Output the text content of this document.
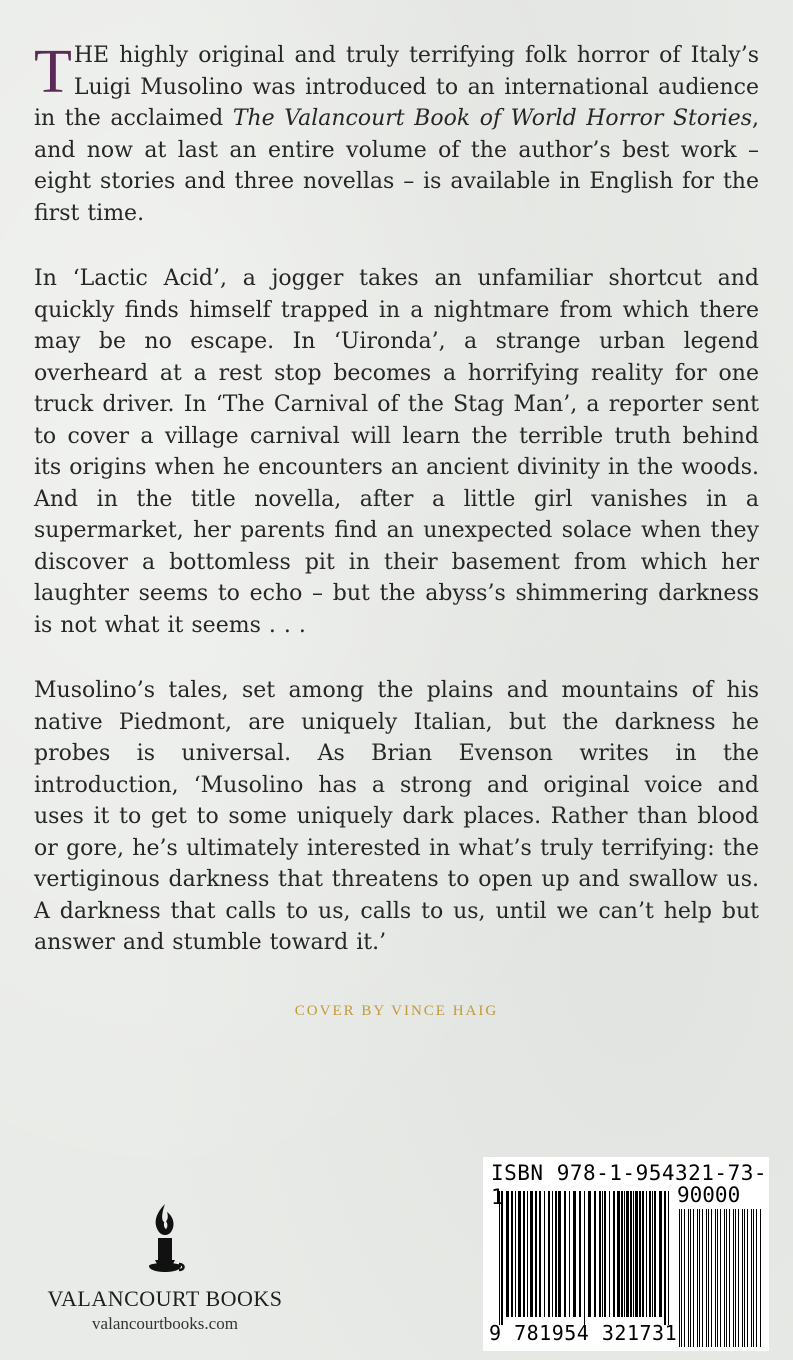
THE highly original and truly terrifying folk horror of Italy’s Luigi Musolino was introduced to an international audience in the acclaimed The Valancourt Book of World Horror Stories, and now at last an entire volume of the author’s best work – eight stories and three novellas – is available in English for the first time.

In ‘Lactic Acid’, a jogger takes an unfamiliar shortcut and quickly finds himself trapped in a nightmare from which there may be no escape. In ‘Uironda’, a strange urban legend overheard at a rest stop becomes a horrifying reality for one truck driver. In ‘The Carnival of the Stag Man’, a reporter sent to cover a village carnival will learn the terrible truth behind its origins when he encounters an ancient divinity in the woods. And in the title novella, after a little girl vanishes in a supermarket, her parents find an unexpected solace when they discover a bottomless pit in their basement from which her laughter seems to echo – but the abyss’s shimmering darkness is not what it seems . . .

Musolino’s tales, set among the plains and mountains of his native Piedmont, are uniquely Italian, but the darkness he probes is universal. As Brian Evenson writes in the introduction, ‘Musolino has a strong and original voice and uses it to get to some uniquely dark places. Rather than blood or gore, he’s ultimately interested in what’s truly terrifying: the vertiginous darkness that threatens to open up and swallow us. A darkness that calls to us, calls to us, until we can’t help but answer and stumble toward it.’

COVER BY VINCE HAIG
VALANCOURT BOOKS
valancourtbooks.com
ISBN 978-1-954321-73-1	90000
9 781954 321731
